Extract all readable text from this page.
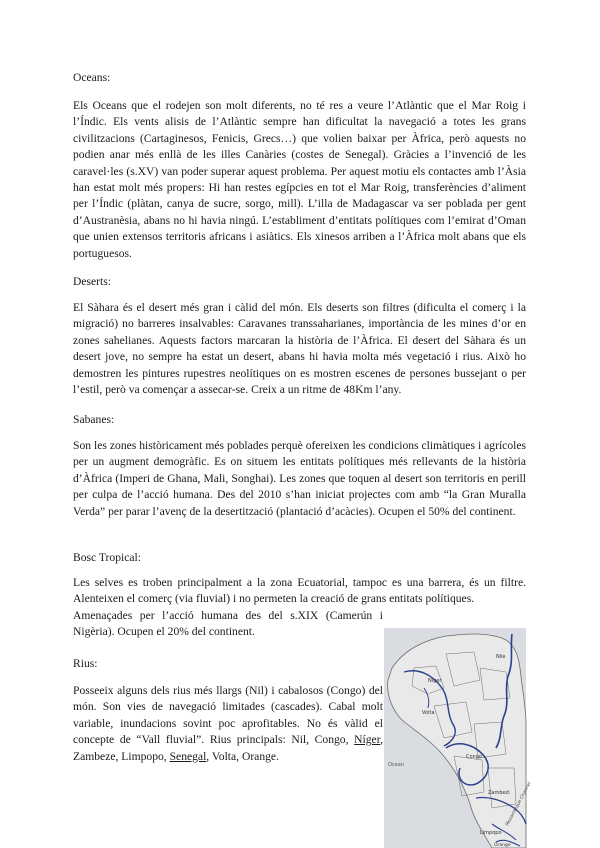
Oceans:

Els Oceans que el rodejen son molt diferents, no té res a veure l’Atlàntic que el Mar Roig i l’Índic. Els vents alisis de l’Atlàntic sempre han dificultat la navegació a totes les grans civilitzacions (Cartaginesos, Fenicis, Grecs…) que volien baixar per Àfrica, però aquests no podien anar més enllà de les illes Canàries (costes de Senegal). Gràcies a l’invenció de les caravel·les (s.XV) van poder superar aquest problema. Per aquest motiu els contactes amb l’Àsia han estat molt més propers: Hi han restes egípcies en tot el Mar Roig, transferències d’aliment per l’Índic (plàtan, canya de sucre, sorgo, mill). L’illa de Madagascar va ser poblada per gent d’Austranèsia, abans no hi havia ningú. L’establiment d’entitats polítiques com l’emirat d’Oman que unien extensos territoris africans i asiàtics. Els xinesos arriben a l’Àfrica molt abans que els portuguesos.

Deserts:

El Sàhara és el desert més gran i càlid del món. Els deserts son filtres (dificulta el comerç i la migració) no barreres insalvables: Caravanes transsaharianes, importància de les mines d’or en zones sahelianes. Aquests factors marcaran la història de l’Àfrica. El desert del Sàhara és un desert jove, no sempre ha estat un desert, abans hi havia molta més vegetació i rius. Això ho demostren les pintures rupestres neolítiques on es mostren escenes de persones bussejant o per l’estil, però va començar a assecar-se. Creix a un ritme de 48Km l’any.

Sabanes:

Son les zones històricament més poblades perquè ofereixen les condicions climàtiques i agrícoles per un augment demogràfic. Es on situem les entitats polítiques més rellevants de la història d’Àfrica (Imperi de Ghana, Mali, Songhai). Les zones que toquen al desert son territoris en perill per culpa de l’acció humana. Des del 2010 s’han iniciat projectes com amb “la Gran Muralla Verda” per parar l’avenç de la desertització (plantació d’acàcies). Ocupen el 50% del continent.

Bosc Tropical:

Les selves es troben principalment a la zona Ecuatorial, tampoc es una barrera, és un filtre. Alenteixen el comerç (via fluvial) i no permeten la creació de grans entitats polítiques.

Amenaçades per l’acció humana des del s.XIX (Camerún i Nigèria). Ocupen el 20% del continent.

Rius:

Posseeix alguns dels rius més llargs (Nil) i cabalosos (Congo) del món. Son vies de navegació limitades (cascades). Cabal molt variable, inundacions sovint poc aprofitables. No és vàlid el concepte de “Vall fluvial”. Rius principals: Nil, Congo, Níger, Zambeze, Limpopo, Senegal, Volta, Orange.

Ocean
Niger
Volta
Nile
Congo
Zambezi
Limpopo
Orange
Mozambique Channel
